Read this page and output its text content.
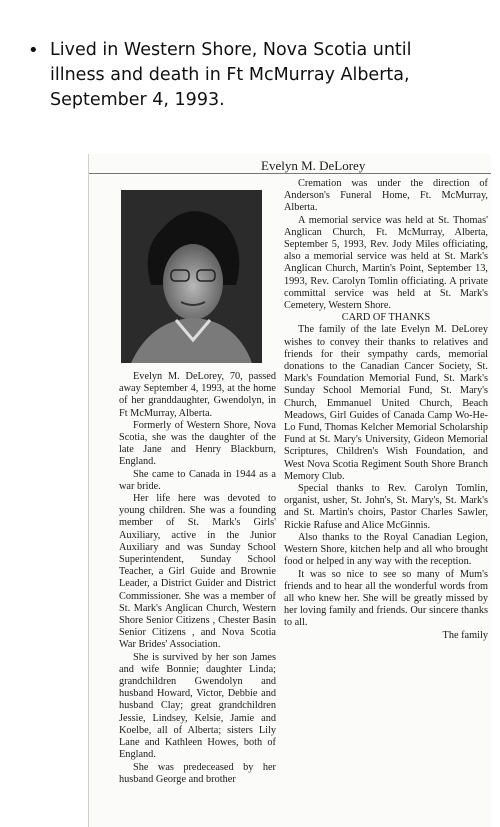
• Lived in Western Shore, Nova Scotia until
illness and death in Ft McMurray Alberta,
September 4, 1993.
Evelyn M. DeLorey

Evelyn M. DeLorey, 70, passed away September 4, 1993, at the home of her granddaughter, Gwendolyn, in Ft McMurray, Alberta.

Formerly of Western Shore, Nova Scotia, she was the daughter of the late Jane and Henry Blackburn, England.

She came to Canada in 1944 as a war bride.

Her life here was devoted to young children. She was a founding member of St. Mark's Girls' Auxiliary, active in the Junior Auxiliary and was Sunday School Superintendent, Sunday School Teacher, a Girl Guide and Brownie Leader, a District Guider and District Commissioner. She was a member of St. Mark's Anglican Church, Western Shore Senior Citizens , Chester Basin Senior Citizens , and Nova Scotia War Brides' Association.

She is survived by her son James and wife Bonnie; daughter Linda; grandchildren Gwendolyn and husband Howard, Victor, Debbie and husband Clay; great grandchildren Jessie, Lindsey, Kelsie, Jamie and Koelbe, all of Alberta; sisters Lily Lane and Kathleen Howes, both of England.

She was predeceased by her husband George and brother

Cremation was under the direction of Anderson's Funeral Home, Ft. McMurray, Alberta.

A memorial service was held at St. Thomas' Anglican Church, Ft. McMurray, Alberta, September 5, 1993, Rev. Jody Miles officiating, also a memorial service was held at St. Mark's Anglican Church, Martin's Point, September 13, 1993, Rev. Carolyn Tomlin officiating. A private committal service was held at St. Mark's Cemetery, Western Shore.

CARD OF THANKS

The family of the late Evelyn M. DeLorey wishes to convey their thanks to relatives and friends for their sympathy cards, memorial donations to the Canadian Cancer Society, St. Mark's Foundation Memorial Fund, St. Mark's Sunday School Memorial Fund, St. Mary's Church, Emmanuel United Church, Beach Meadows, Girl Guides of Canada Camp Wo-He-Lo Fund, Thomas Kelcher Memorial Scholarship Fund at St. Mary's University, Gideon Memorial Scriptures, Children's Wish Foundation, and West Nova Scotia Regiment South Shore Branch Memory Club.

Special thanks to Rev. Carolyn Tomlin, organist, usher, St. John's, St. Mary's, St. Mark's and St. Martin's choirs, Pastor Charles Sawler, Rickie Rafuse and Alice McGinnis.

Also thanks to the Royal Canadian Legion, Western Shore, kitchen help and all who brought food or helped in any way with the reception.

It was so nice to see so many of Mum's friends and to hear all the wonderful words from all who knew her. She will be greatly missed by her loving family and friends. Our sincere thanks to all.

The family
